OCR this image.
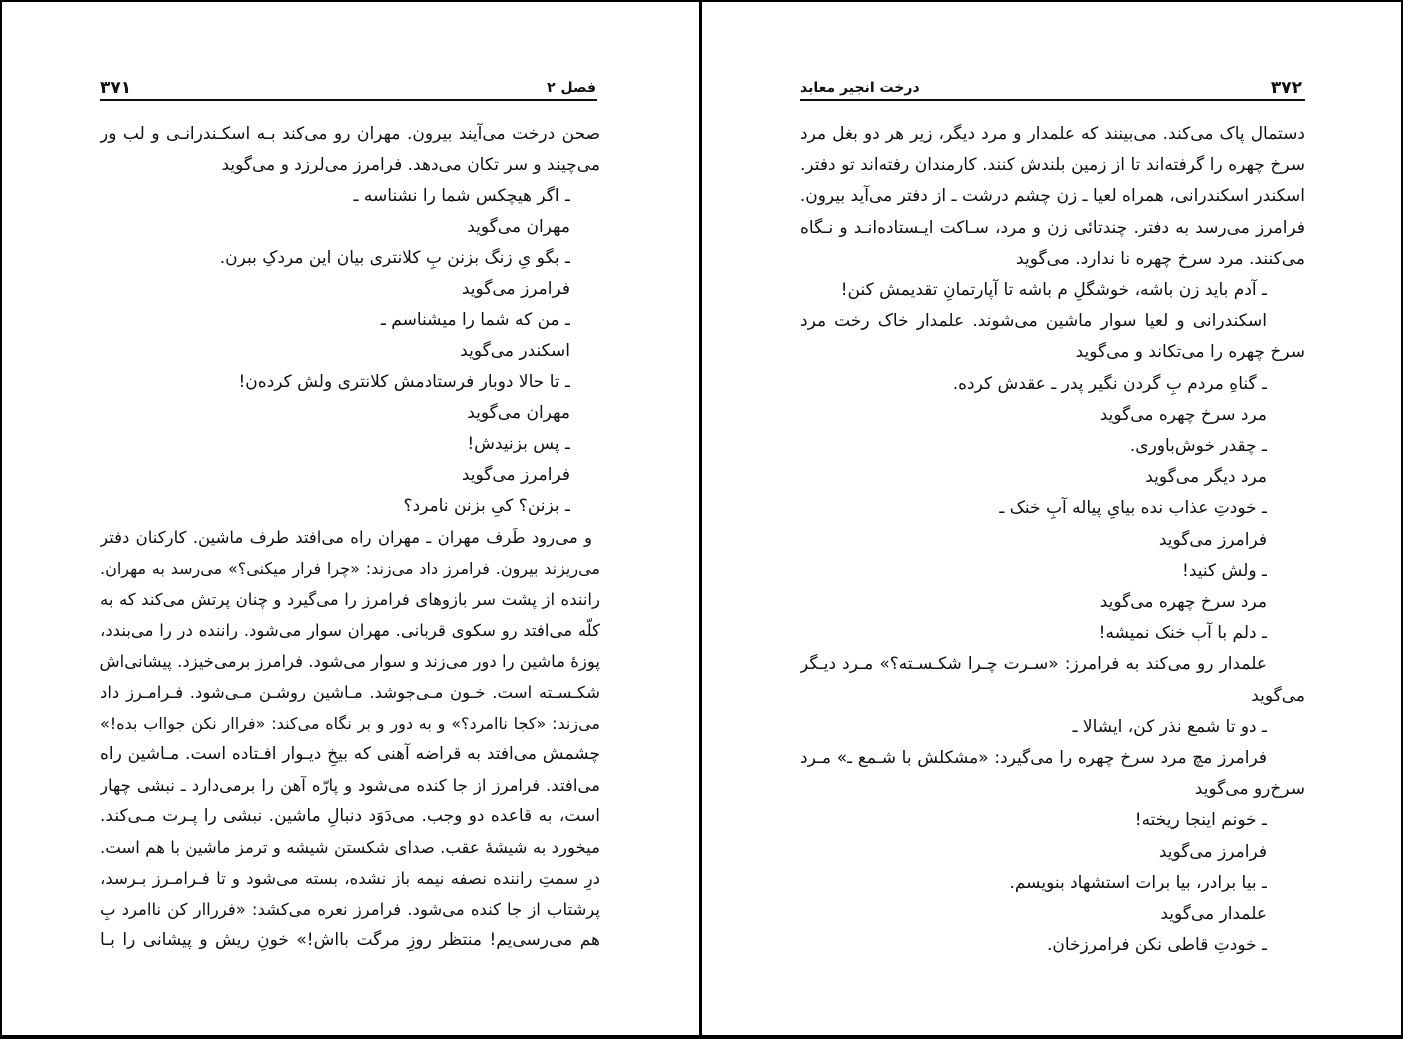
۳۷۱	فصل ۲
صحن درخت می‌آیند بیرون. مهران رو می‌کند بـه اسکـندرانـی و لب ور
می‌چیند و سر تکان می‌دهد. فرامرز می‌لرزد و می‌گوید
ـ اگر هیچکس شما را نشناسه ـ
مهران می‌گوید
ـ بگو یِ زنگ بزنن بِ کلانتری بیان این مردکِ ببرن.
فرامرز می‌گوید
ـ من که شما را میشناسم ـ
اسکندر می‌گوید
ـ تا حالا دوبار فرستادمش کلانتری ولش کرده‌ن!
مهران می‌گوید
ـ پس بزنیدش!
فرامرز می‌گوید
ـ بزنن؟ کیِ بزنن نامرد؟
و می‌رود طَرف مهران ـ مهران راه می‌افتد طرف ماشین. کارکنان دفتر
می‌ریزند بیرون. فرامرز داد می‌زند: «چرا فرار میکنی؟» می‌رسد به مهران.
راننده از پشت سر بازوهای فرامرز را می‌گیرد و چنان پرتش می‌کند که به
کلّه می‌افتد رو سکوی قربانی. مهران سوار می‌شود. راننده در را می‌بندد،
پوزهٔ ماشین را دور می‌زند و سوار می‌شود. فرامرز برمی‌خیزد. پیشانی‌اش
شکـسـته است. خـون مـی‌جوشد. مـاشین روشـن مـی‌شود. فـرامـرز داد
می‌زند: «کجا ناامرد؟» و به دور و بر نگاه می‌کند: «فراار نکن جوااب بده!»
چشمش می‌افتد به قراضه آهنی که بیخِ دیـوار افـتاده است. مـاشین راه
می‌افتد. فرامرز از جا کنده می‌شود و پارّه آهن را برمی‌دارد ـ نبشی چهار
است، به قاعده دو وجب. می‌دَوَد دنبالِ ماشین. نبشی را پـرت مـی‌کند.
میخورد به شیشهٔ عقب. صدای شکستن شیشه و ترمز ماشین با هم است.
درِ سمتِ راننده نصفه نیمه باز نشده، بسته می‌شود و تا فـرامـرز بـرسد،
پرشتاب از جا کنده می‌شود. فرامرز نعره می‌کشد: «فرراار کن ناامرد بِ
هم می‌رسی‌یم! منتظر روزِ مرگت بااش!» خونِ ریش و پیشانی را بـا
۳۷۲
درخت انجیر معابد
دستمال پاک می‌کند. می‌بینند که علمدار و مرد دیگر، زیر هر دو بغل مرد
سرخ چهره را گرفته‌اند تا از زمین بلندش کنند. کارمندان رفته‌اند تو دفتر.
اسکندر اسکندرانی، همراه لعیا ـ زن چشم درشت ـ از دفتر می‌آید بیرون.
فرامرز می‌رسد به دفتر. چندتائی زن و مرد، سـاکت ایـستاده‌انـد و نـگاه
می‌کنند. مرد سرخ چهره نا ندارد. می‌گوید
ـ آدم باید زن باشه، خوشگلِ م باشه تا آپارتمانِ تقدیمش کنن!
اسکندرانی و لعیا سوار ماشین می‌شوند. علمدار خاک رخت مرد
سرخ چهره را می‌تکاند و می‌گوید
ـ گناهِ مردم بِ گردن نگیر پدر ـ عقدش کرده.
مرد سرخ چهره می‌گوید
ـ چقدر خوش‌باوری.
مرد دیگر می‌گوید
ـ خودتِ عذاب نده بیایِ پیاله آبِ خنک ـ
فرامرز می‌گوید
ـ ولش کنید!
مرد سرخ چهره می‌گوید
ـ دلم با آب خنک نمیشه!
علمدار رو می‌کند به فرامرز: «سـرت چـرا شکـسـته؟» مـرد دیـگر
می‌گوید
ـ دو تا شمع نذر کن، ایشالا ـ
فرامرز مچ مرد سرخ چهره را می‌گیرد: «مشکلش با شـمع ـ» مـرد
سرخ‌رو می‌گوید
ـ خونم اینجا ریخته!
فرامرز می‌گوید
ـ بیا برادر، بیا برات استشهاد بنویسم.
علمدار می‌گوید
ـ خودتِ قاطی نکن فرامرزخان.
